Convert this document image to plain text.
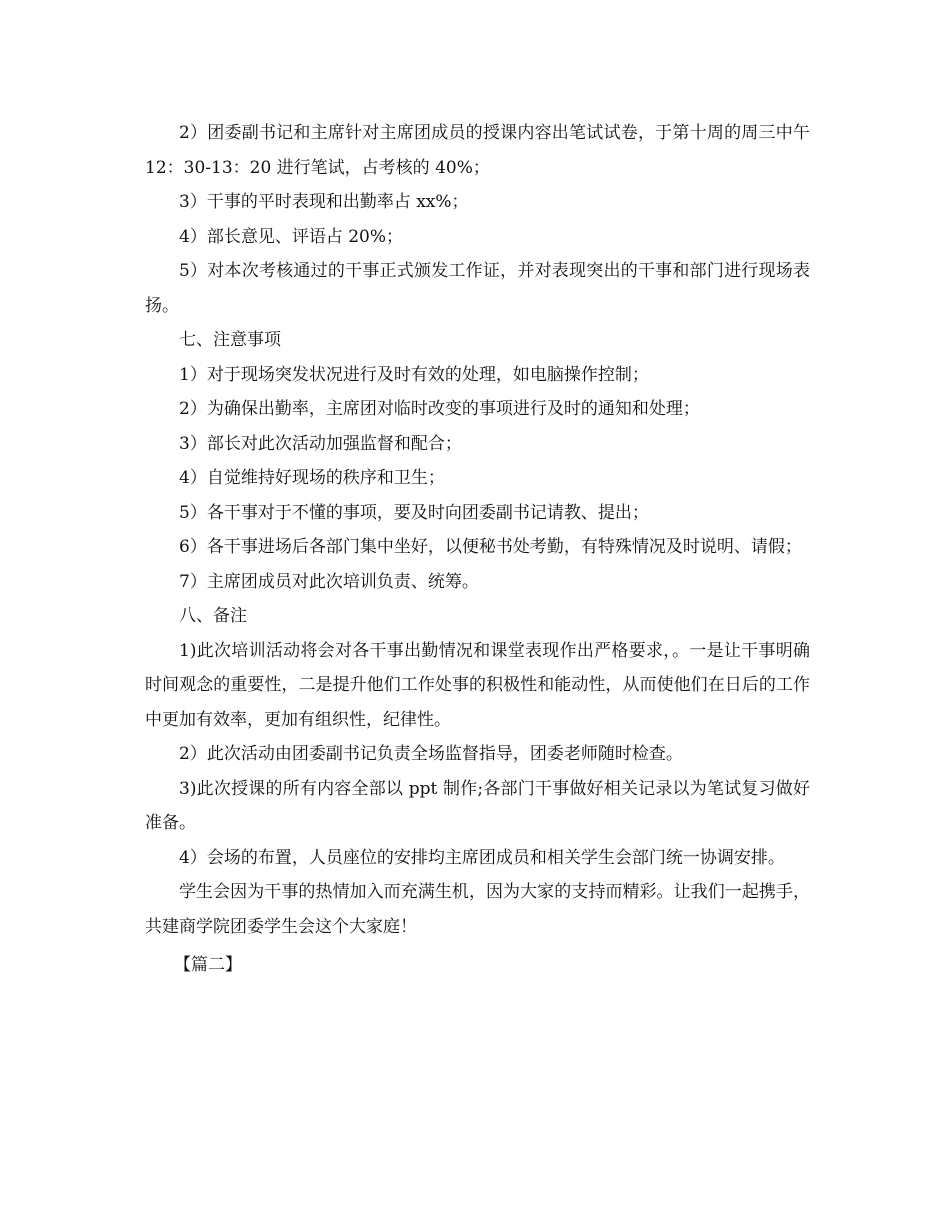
2）团委副书记和主席针对主席团成员的授课内容出笔试试卷，于第十周的周三中午 12：30-13：20 进行笔试，占考核的 40%；

3）干事的平时表现和出勤率占 xx%；

4）部长意见、评语占 20%；

5）对本次考核通过的干事正式颁发工作证，并对表现突出的干事和部门进行现场表扬。

七、注意事项

1）对于现场突发状况进行及时有效的处理，如电脑操作控制；

2）为确保出勤率，主席团对临时改变的事项进行及时的通知和处理；

3）部长对此次活动加强监督和配合；

4）自觉维持好现场的秩序和卫生；

5）各干事对于不懂的事项，要及时向团委副书记请教、提出；

6）各干事进场后各部门集中坐好，以便秘书处考勤，有特殊情况及时说明、请假；

7）主席团成员对此次培训负责、统筹。

八、备注

1)此次培训活动将会对各干事出勤情况和课堂表现作出严格要求，。一是让干事明确时间观念的重要性，二是提升他们工作处事的积极性和能动性，从而使他们在日后的工作中更加有效率，更加有组织性，纪律性。

2）此次活动由团委副书记负责全场监督指导，团委老师随时检查。

3)此次授课的所有内容全部以 ppt 制作;各部门干事做好相关记录以为笔试复习做好准备。

4）会场的布置，人员座位的安排均主席团成员和相关学生会部门统一协调安排。

学生会因为干事的热情加入而充满生机，因为大家的支持而精彩。让我们一起携手，共建商学院团委学生会这个大家庭！

【篇二】
